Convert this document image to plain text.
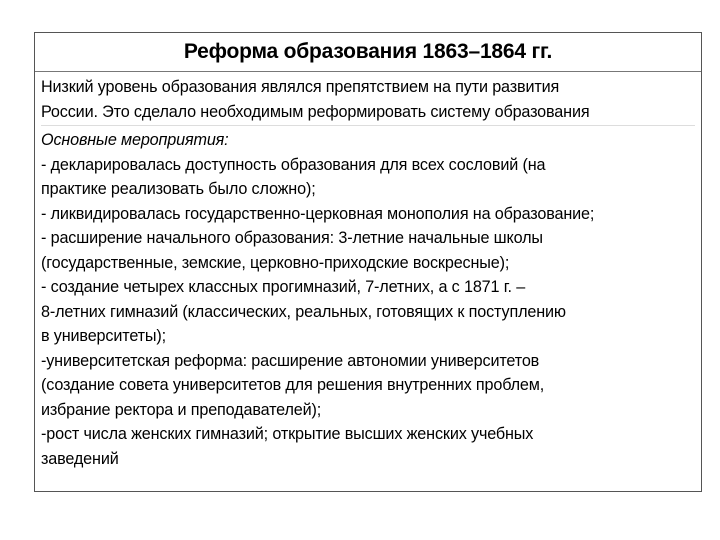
Реформа образования 1863–1864 гг.
Низкий уровень образования являлся препятствием на пути развития
России. Это сделало необходимым реформировать систему образования
Основные мероприятия:
- декларировалась доступность образования для всех сословий (на
практике реализовать было сложно);
- ликвидировалась государственно-церковная монополия на образование;
- расширение начального образования: 3-летние начальные школы
(государственные, земские, церковно-приходские воскресные);
- создание четырех классных прогимназий, 7-летних, а с 1871 г. –
8-летних гимназий (классических, реальных, готовящих к поступлению
в университеты);
-университетская реформа: расширение автономии университетов
(создание совета университетов для решения внутренних проблем,
избрание ректора и преподавателей);
-рост числа женских гимназий; открытие высших женских учебных
заведений
